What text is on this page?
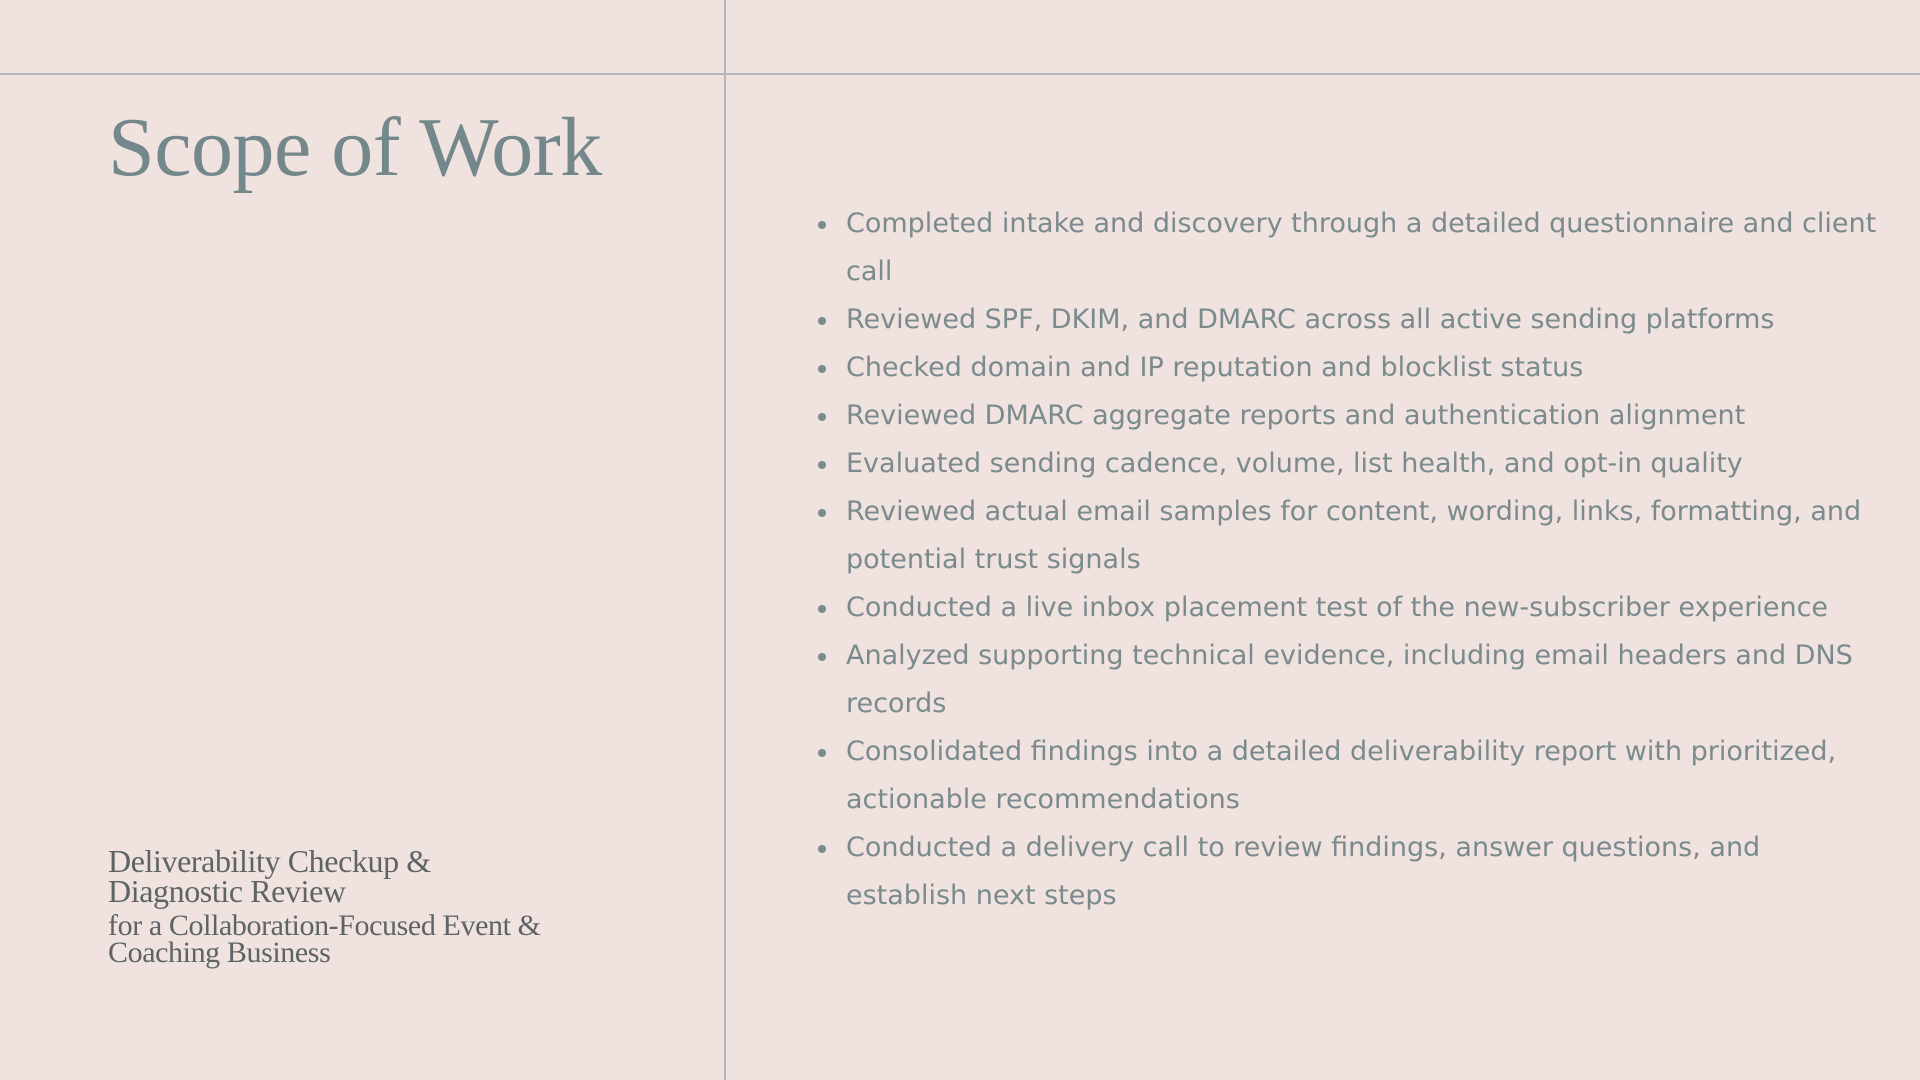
Scope of Work
Deliverability Checkup &
Diagnostic Review
for a Collaboration-Focused Event &
Coaching Business
Completed intake and discovery through a detailed questionnaire and client call
Reviewed SPF, DKIM, and DMARC across all active sending platforms
Checked domain and IP reputation and blocklist status
Reviewed DMARC aggregate reports and authentication alignment
Evaluated sending cadence, volume, list health, and opt-in quality
Reviewed actual email samples for content, wording, links, formatting, and potential trust signals
Conducted a live inbox placement test of the new-subscriber experience
Analyzed supporting technical evidence, including email headers and DNS records
Consolidated findings into a detailed deliverability report with prioritized, actionable recommendations
Conducted a delivery call to review findings, answer questions, and establish next steps
